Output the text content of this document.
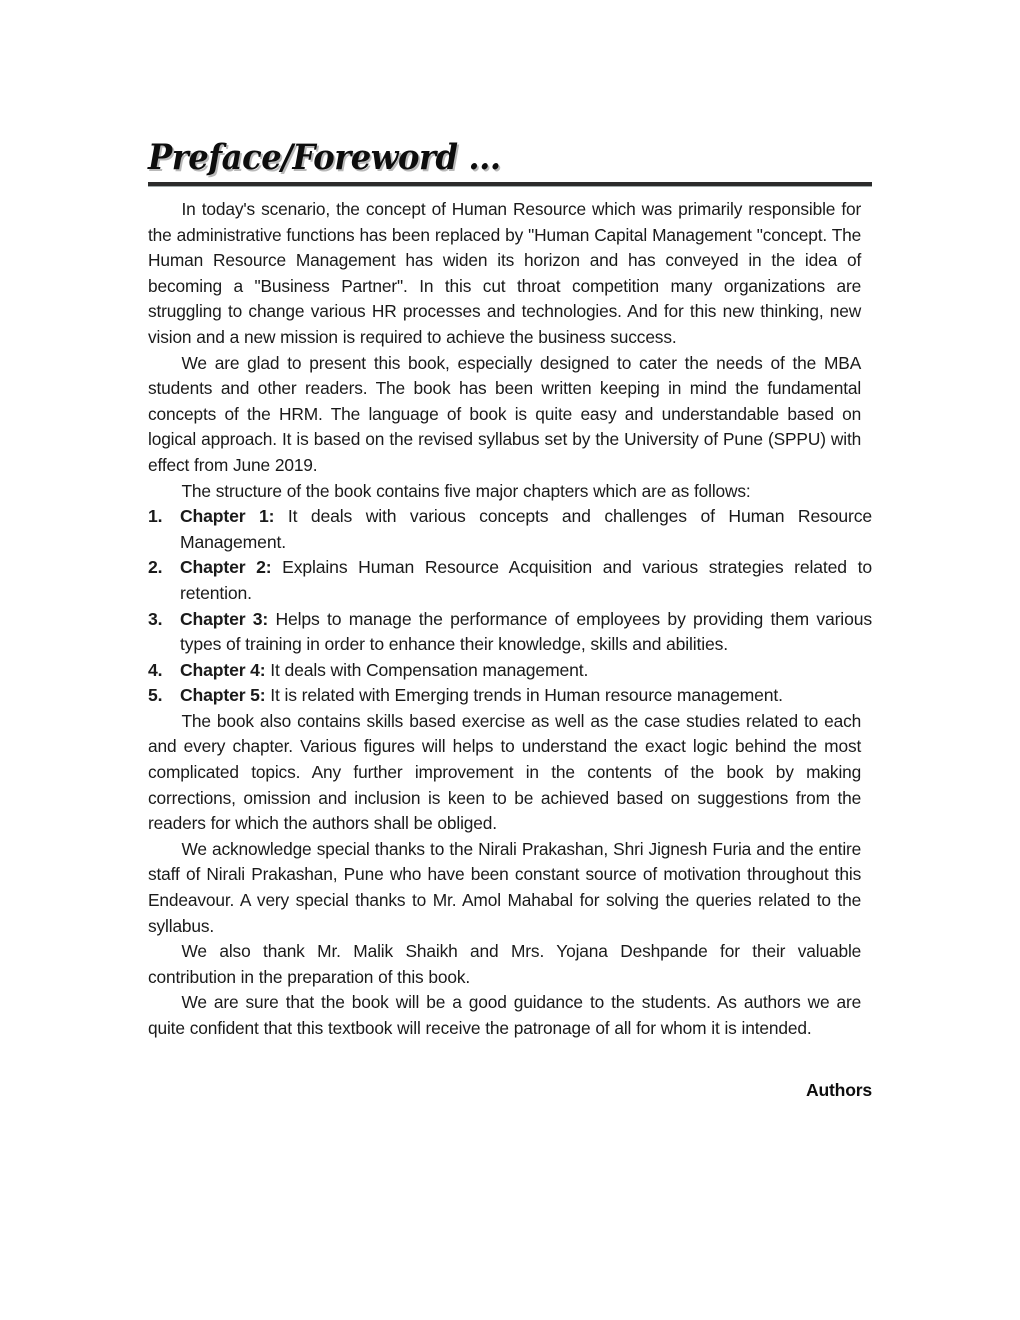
Preface/Foreword ...

In today's scenario, the concept of Human Resource which was primarily responsible for the administrative functions has been replaced by "Human Capital Management "concept. The Human Resource Management has widen its horizon and has conveyed in the idea of becoming a "Business Partner". In this cut throat competition many organizations are struggling to change various HR processes and technologies. And for this new thinking, new vision and a new mission is required to achieve the business success.

We are glad to present this book, especially designed to cater the needs of the MBA students and other readers. The book has been written keeping in mind the fundamental concepts of the HRM. The language of book is quite easy and understandable based on logical approach. It is based on the revised syllabus set by the University of Pune (SPPU) with effect from June 2019.

The structure of the book contains five major chapters which are as follows:

1.	Chapter 1: It deals with various concepts and challenges of Human Resource Management.
2.	Chapter 2: Explains Human Resource Acquisition and various strategies related to retention.
3.	Chapter 3: Helps to manage the performance of employees by providing them various types of training in order to enhance their knowledge, skills and abilities.
4.	Chapter 4: It deals with Compensation management.
5.	Chapter 5: It is related with Emerging trends in Human resource management.

The book also contains skills based exercise as well as the case studies related to each and every chapter. Various figures will helps to understand the exact logic behind the most complicated topics. Any further improvement in the contents of the book by making corrections, omission and inclusion is keen to be achieved based on suggestions from the readers for which the authors shall be obliged.

We acknowledge special thanks to the Nirali Prakashan, Shri Jignesh Furia and the entire staff of Nirali Prakashan, Pune who have been constant source of motivation throughout this Endeavour. A very special thanks to Mr. Amol Mahabal for solving the queries related to the syllabus.

We also thank Mr. Malik Shaikh and Mrs. Yojana Deshpande for their valuable contribution in the preparation of this book.

We are sure that the book will be a good guidance to the students. As authors we are quite confident that this textbook will receive the patronage of all for whom it is intended.

Authors
